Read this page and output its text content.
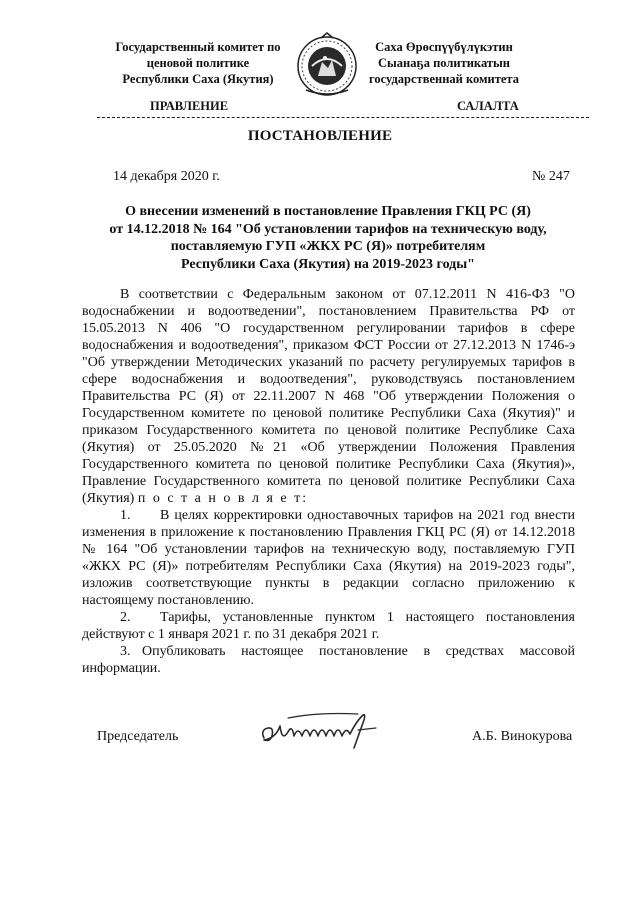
Государственный комитет по
ценовой политике
Республики Саха (Якутия)
Саха Өрөспүүбүлүкэтин
Сыанаҕа политикатын
государственнай комитета
ПРАВЛЕНИЕ	САЛАЛТА
ПОСТАНОВЛЕНИЕ
14 декабря 2020 г.	№ 247
О внесении изменений в постановление Правления ГКЦ РС (Я)
от 14.12.2018 № 164 "Об установлении тарифов на техническую воду,
поставляемую ГУП «ЖКХ РС (Я)» потребителям
Республики Саха (Якутия) на 2019-2023 годы"

В соответствии с Федеральным законом от 07.12.2011 N 416-ФЗ "О водоснабжении и водоотведении", постановлением Правительства РФ от 15.05.2013 N 406 "О государственном регулировании тарифов в сфере водоснабжения и водоотведения", приказом ФСТ России от 27.12.2013 N 1746-э "Об утверждении Методических указаний по расчету регулируемых тарифов в сфере водоснабжения и водоотведения", руководствуясь постановлением Правительства РС (Я) от 22.11.2007 N 468 "Об утверждении Положения о Государственном комитете по ценовой политике Республики Саха (Якутия)" и приказом Государственного комитета по ценовой политике Республике Саха (Якутия) от 25.05.2020 №21 «Об утверждении Положения Правления Государственного комитета по ценовой политике Республики Саха (Якутия)», Правление Государственного комитета по ценовой политике Республики Саха (Якутия) п о с т а н о в л я е т:

1. В целях корректировки одноставочных тарифов на 2021 год внести изменения в приложение к постановлению Правления ГКЦ РС (Я) от 14.12.2018 № 164 "Об установлении тарифов на техническую воду, поставляемую ГУП «ЖКХ РС (Я)» потребителям Республики Саха (Якутия) на 2019-2023 годы", изложив соответствующие пункты в редакции согласно приложению к настоящему постановлению.

2. Тарифы, установленные пунктом 1 настоящего постановления действуют с 1 января 2021 г. по 31 декабря 2021 г.

3. Опубликовать настоящее постановление в средствах массовой информации.

Председатель	А.Б. Винокурова
